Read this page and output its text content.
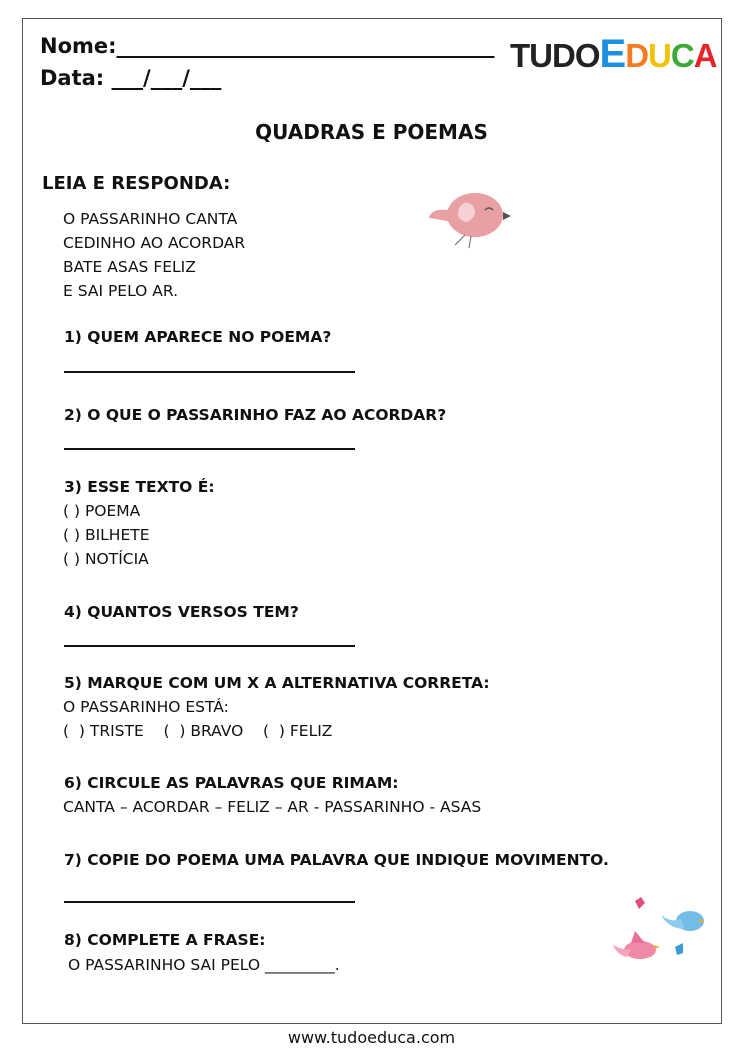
Nome:____________________________________
Data: ___/___/___
TUDOEDUCA
QUADRAS E POEMAS
LEIA E RESPONDA:
O PASSARINHO CANTA
CEDINHO AO ACORDAR
BATE ASAS FELIZ
E SAI PELO AR.
1) QUEM APARECE NO POEMA?
2) O QUE O PASSARINHO FAZ AO ACORDAR?
3) ESSE TEXTO É:
( ) POEMA
( ) BILHETE
( ) NOTÍCIA
4) QUANTOS VERSOS TEM?
5) MARQUE COM UM X A ALTERNATIVA CORRETA:
O PASSARINHO ESTÁ:
(  ) TRISTE    (  ) BRAVO    (  ) FELIZ
6) CIRCULE AS PALAVRAS QUE RIMAM:
CANTA – ACORDAR – FELIZ – AR - PASSARINHO - ASAS
7) COPIE DO POEMA UMA PALAVRA QUE INDIQUE MOVIMENTO.
8) COMPLETE A FRASE:
O PASSARINHO SAI PELO _________.
www.tudoeduca.com
